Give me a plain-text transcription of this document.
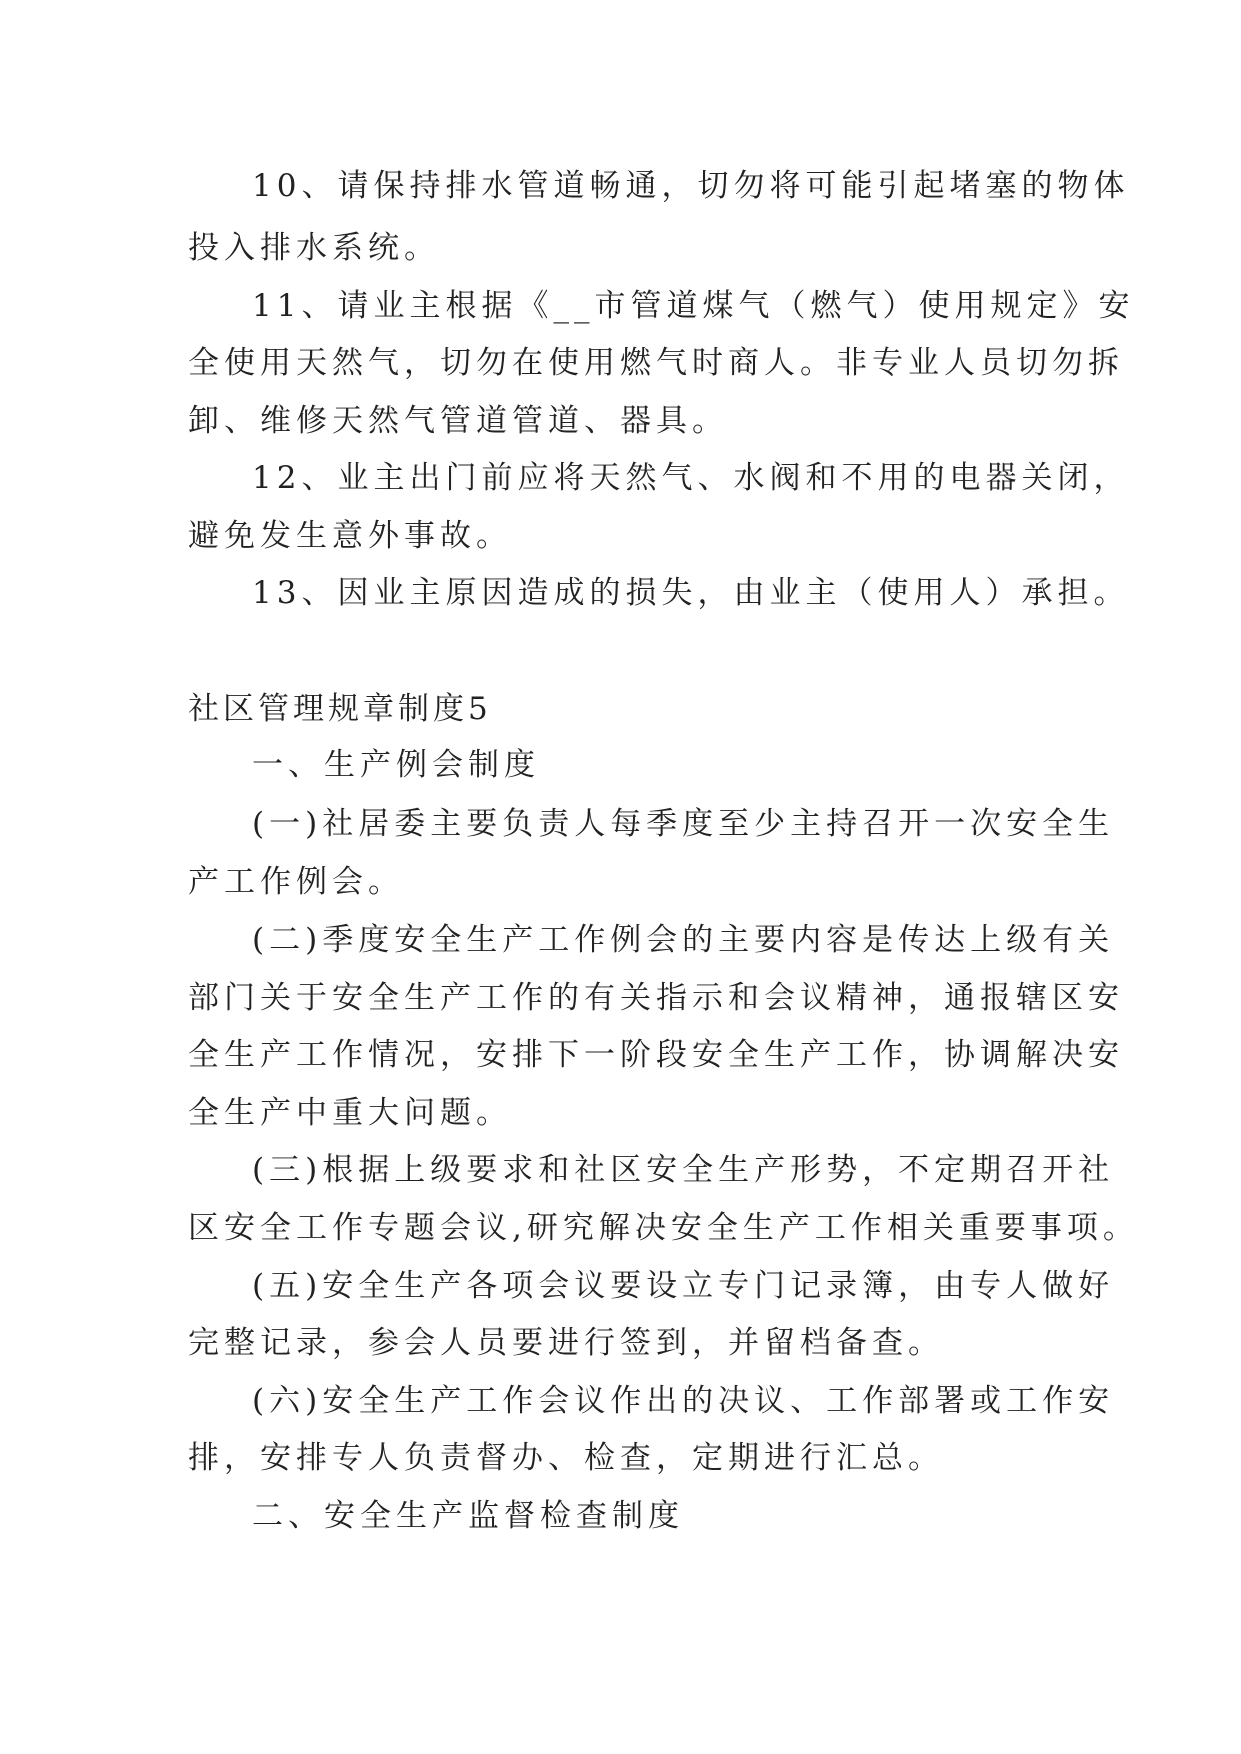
10、请保持排水管道畅通，切勿将可能引起堵塞的物体
投入排水系统。
11、请业主根据《__市管道煤气（燃气）使用规定》安
全使用天然气，切勿在使用燃气时商人。非专业人员切勿拆
卸、维修天然气管道管道、器具。
12、业主出门前应将天然气、水阀和不用的电器关闭，
避免发生意外事故。
13、因业主原因造成的损失，由业主（使用人）承担。
社区管理规章制度5
一、生产例会制度
(一)社居委主要负责人每季度至少主持召开一次安全生
产工作例会。
(二)季度安全生产工作例会的主要内容是传达上级有关
部门关于安全生产工作的有关指示和会议精神，通报辖区安
全生产工作情况，安排下一阶段安全生产工作，协调解决安
全生产中重大问题。
(三)根据上级要求和社区安全生产形势，不定期召开社
区安全工作专题会议,研究解决安全生产工作相关重要事项。
(五)安全生产各项会议要设立专门记录簿，由专人做好
完整记录，参会人员要进行签到，并留档备查。
(六)安全生产工作会议作出的决议、工作部署或工作安
排，安排专人负责督办、检查，定期进行汇总。
二、安全生产监督检查制度
